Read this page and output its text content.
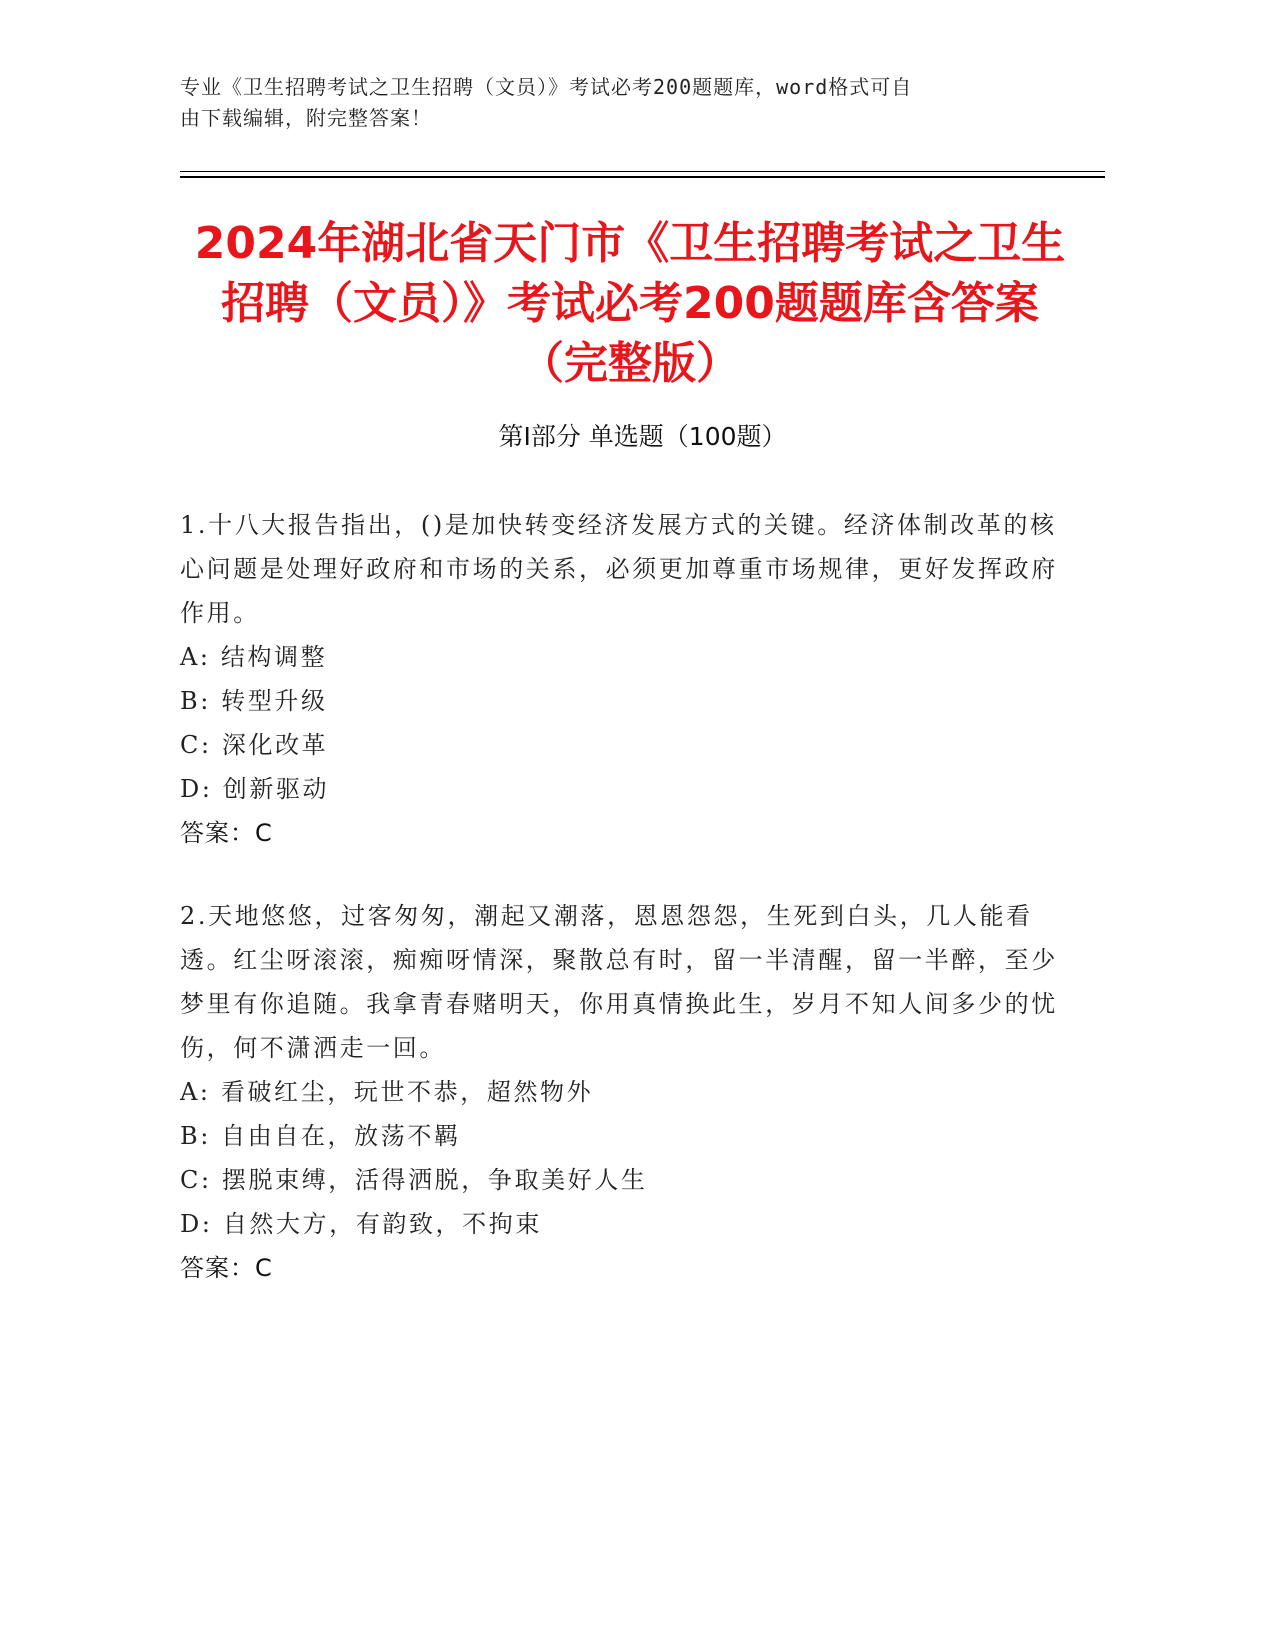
专业《卫生招聘考试之卫生招聘（文员）》考试必考200题题库，word格式可自
由下载编辑，附完整答案！
2024年湖北省天门市《卫生招聘考试之卫生
招聘（文员）》考试必考200题题库含答案
（完整版）
第I部分 单选题（100题）

1.十八大报告指出，()是加快转变经济发展方式的关键。经济体制改革的核心问题是处理好政府和市场的关系，必须更加尊重市场规律，更好发挥政府作用。

A: 结构调整
B: 转型升级
C: 深化改革
D: 创新驱动
答案：C

2.天地悠悠，过客匆匆，潮起又潮落，恩恩怨怨，生死到白头，几人能看透。红尘呀滚滚，痴痴呀情深，聚散总有时，留一半清醒，留一半醉，至少梦里有你追随。我拿青春赌明天，你用真情换此生，岁月不知人间多少的忧伤，何不潇洒走一回。

A: 看破红尘，玩世不恭，超然物外
B: 自由自在，放荡不羁
C: 摆脱束缚，活得洒脱，争取美好人生
D: 自然大方，有韵致，不拘束
答案：C
